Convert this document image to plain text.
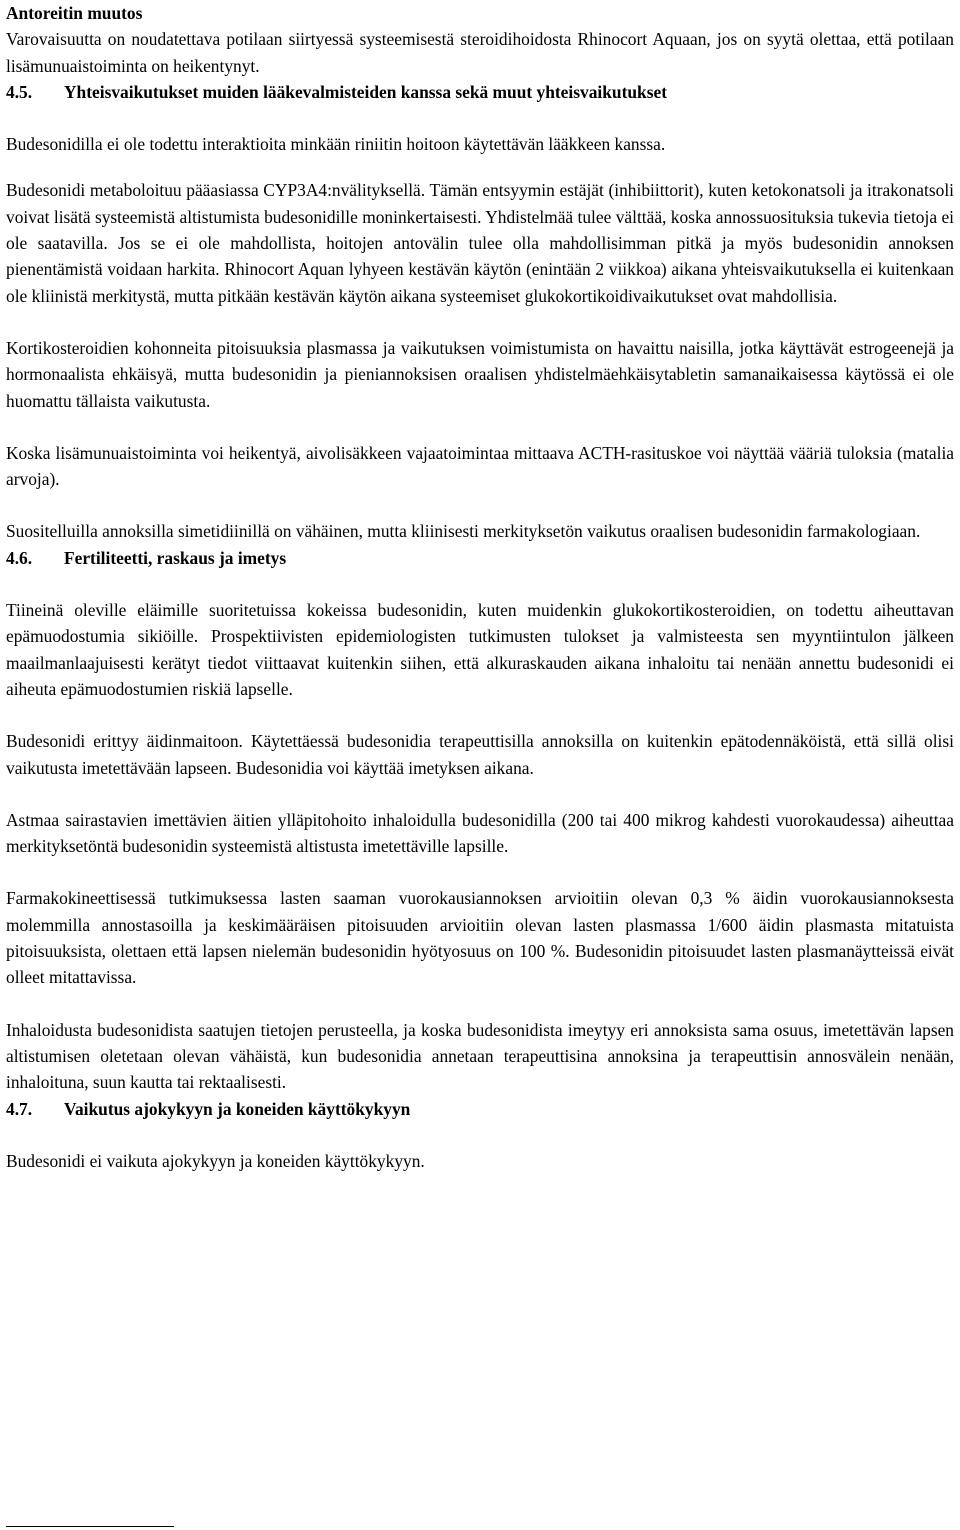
Antoreitin muutos

Varovaisuutta on noudatettava potilaan siirtyessä systeemisestä steroidihoidosta Rhinocort Aquaan, jos on syytä olettaa, että potilaan lisämunuaistoiminta on heikentynyt.

4.5.	Yhteisvaikutukset muiden lääkevalmisteiden kanssa sekä muut yhteisvaikutukset

Budesonidilla ei ole todettu interaktioita minkään riniitin hoitoon käytettävän lääkkeen kanssa.

Budesonidi metaboloituu pääasiassa CYP3A4:nvälityksellä. Tämän entsyymin estäjät (inhibiittorit), kuten ketokonatsoli ja itrakonatsoli voivat lisätä systeemistä altistumista budesonidille moninkertaisesti. Yhdistelmää tulee välttää, koska annossuosituksia tukevia tietoja ei ole saatavilla. Jos se ei ole mahdollista, hoitojen antovälin tulee olla mahdollisimman pitkä ja myös budesonidin annoksen pienentämistä voidaan harkita. Rhinocort Aquan lyhyeen kestävän käytön (enintään 2 viikkoa) aikana yhteisvaikutuksella ei kuitenkaan ole kliinistä merkitystä, mutta pitkään kestävän käytön aikana systeemiset glukokortikoidivaikutukset ovat mahdollisia.

Kortikosteroidien kohonneita pitoisuuksia plasmassa ja vaikutuksen voimistumista on havaittu naisilla, jotka käyttävät estrogeenejä ja hormonaalista ehkäisyä, mutta budesonidin ja pieniannoksisen oraalisen yhdistelmäehkäisytabletin samanaikaisessa käytössä ei ole huomattu tällaista vaikutusta.

Koska lisämunuaistoiminta voi heikentyä, aivolisäkkeen vajaatoimintaa mittaava ACTH-rasituskoe voi näyttää vääriä tuloksia (matalia arvoja).

Suositelluilla annoksilla simetidiinillä on vähäinen, mutta kliinisesti merkityksetön vaikutus oraalisen budesonidin farmakologiaan.

4.6.	Fertiliteetti, raskaus ja imetys

Tiineinä oleville eläimille suoritetuissa kokeissa budesonidin, kuten muidenkin glukokortikosteroidien, on todettu aiheuttavan epämuodostumia sikiöille. Prospektiivisten epidemiologisten tutkimusten tulokset ja valmisteesta sen myyntiintulon jälkeen maailmanlaajuisesti kerätyt tiedot viittaavat kuitenkin siihen, että alkuraskauden aikana inhaloitu tai nenään annettu budesonidi ei aiheuta epämuodostumien riskiä lapselle.

Budesonidi erittyy äidinmaitoon. Käytettäessä budesonidia terapeuttisilla annoksilla on kuitenkin epätodennäköistä, että sillä olisi vaikutusta imetettävään lapseen. Budesonidia voi käyttää imetyksen aikana.

Astmaa sairastavien imettävien äitien ylläpitohoito inhaloidulla budesonidilla (200 tai 400 mikrog kahdesti vuorokaudessa) aiheuttaa merkityksetöntä budesonidin systeemistä altistusta imetettäville lapsille.

Farmakokineettisessä tutkimuksessa lasten saaman vuorokausiannoksen arvioitiin olevan 0,3 % äidin vuorokausiannoksesta molemmilla annostasoilla ja keskimääräisen pitoisuuden arvioitiin olevan lasten plasmassa 1/600 äidin plasmasta mitatuista pitoisuuksista, olettaen että lapsen nielemän budesonidin hyötyosuus on 100 %. Budesonidin pitoisuudet lasten plasmanäytteissä eivät olleet mitattavissa.

Inhaloidusta budesonidista saatujen tietojen perusteella, ja koska budesonidista imeytyy eri annoksista sama osuus, imetettävän lapsen altistumisen oletetaan olevan vähäistä, kun budesonidia annetaan terapeuttisina annoksina ja terapeuttisin annosvälein nenään, inhaloituna, suun kautta tai rektaalisesti.

4.7.	Vaikutus ajokykyyn ja koneiden käyttökykyyn

Budesonidi ei vaikuta ajokykyyn ja koneiden käyttökykyyn.
